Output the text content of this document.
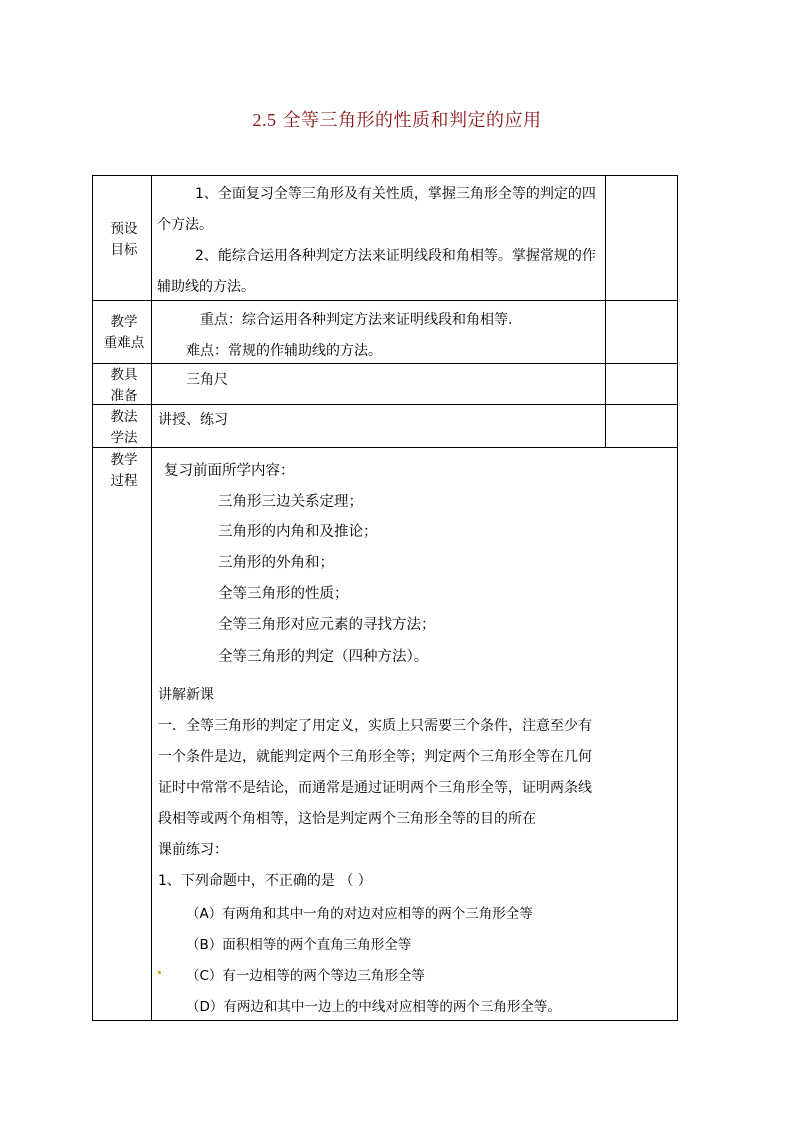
2.5 全等三角形的性质和判定的应用
预设
目标
1、全面复习全等三角形及有关性质，掌握三角形全等的判定的四
个方法。
2、能综合运用各种判定方法来证明线段和角相等。掌握常规的作
辅助线的方法。
教学
重难点
重点：综合运用各种判定方法来证明线段和角相等.
难点：常规的作辅助线的方法。
教具
准备
三角尺
教法
学法
讲授、练习
教学
过程
复习前面所学内容：
三角形三边关系定理；
三角形的内角和及推论；
三角形的外角和；
全等三角形的性质；
全等三角形对应元素的寻找方法；
全等三角形的判定（四种方法）。
讲解新课
一．全等三角形的判定了用定义，实质上只需要三个条件，注意至少有
一个条件是边，就能判定两个三角形全等；判定两个三角形全等在几何
证时中常常不是结论，而通常是通过证明两个三角形全等，证明两条线
段相等或两个角相等，这恰是判定两个三角形全等的目的所在
课前练习：
1、下列命题中，不正确的是 （ ）
（A）有两角和其中一角的对边对应相等的两个三角形全等
（B）面积相等的两个直角三角形全等
（C）有一边相等的两个等边三角形全等
（D）有两边和其中一边上的中线对应相等的两个三角形全等。
